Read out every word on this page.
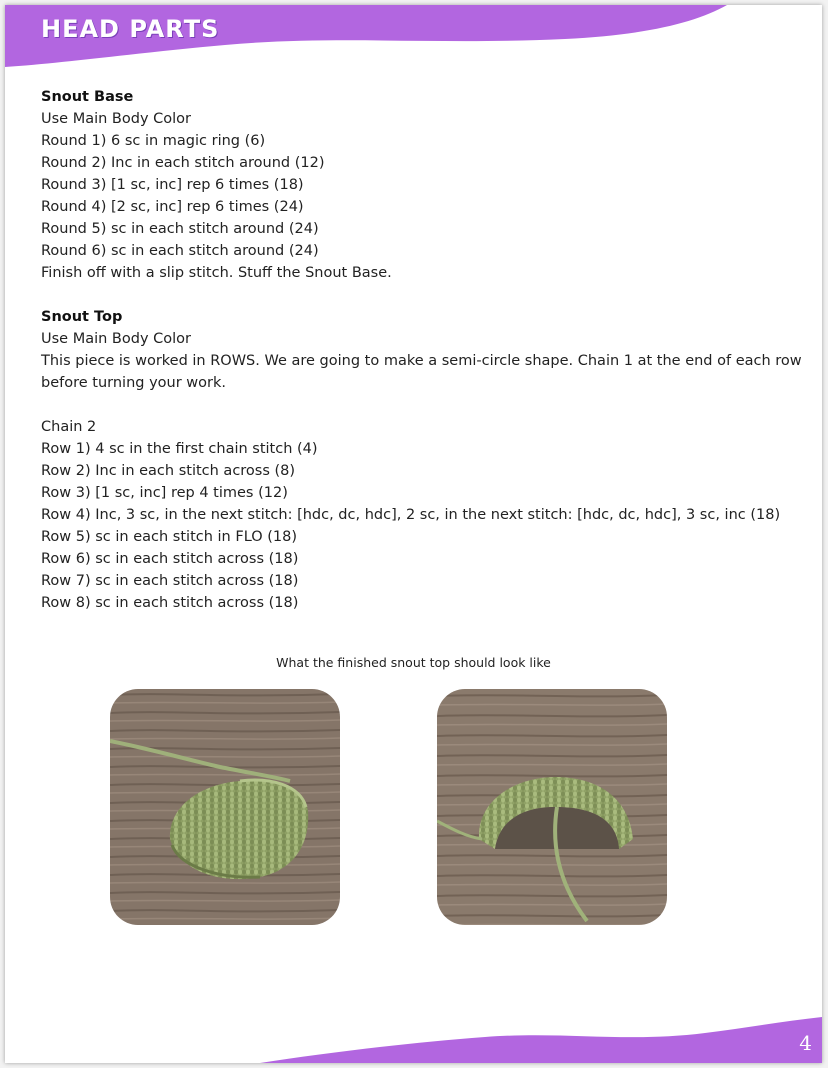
HEAD PARTS

Snout Base

Use Main Body Color

Round 1) 6 sc in magic ring (6)

Round 2) Inc in each stitch around (12)

Round 3) [1 sc, inc] rep 6 times (18)

Round 4) [2 sc, inc] rep 6 times (24)

Round 5) sc in each stitch around (24)

Round 6) sc in each stitch around (24)

Finish off with a slip stitch. Stuff the Snout Base.

Snout Top

Use Main Body Color

This piece is worked in ROWS. We are going to make a semi-circle shape. Chain 1 at the end of each row before turning your work.

Chain 2

Row 1) 4 sc in the first chain stitch (4)

Row 2) Inc in each stitch across (8)

Row 3) [1 sc, inc] rep 4 times (12)

Row 4) Inc, 3 sc, in the next stitch: [hdc, dc, hdc], 2 sc, in the next stitch: [hdc, dc, hdc], 3 sc, inc (18)

Row 5) sc in each stitch in FLO (18)

Row 6) sc in each stitch across (18)

Row 7) sc in each stitch across (18)

Row 8) sc in each stitch across (18)

What the finished snout top should look like
4
